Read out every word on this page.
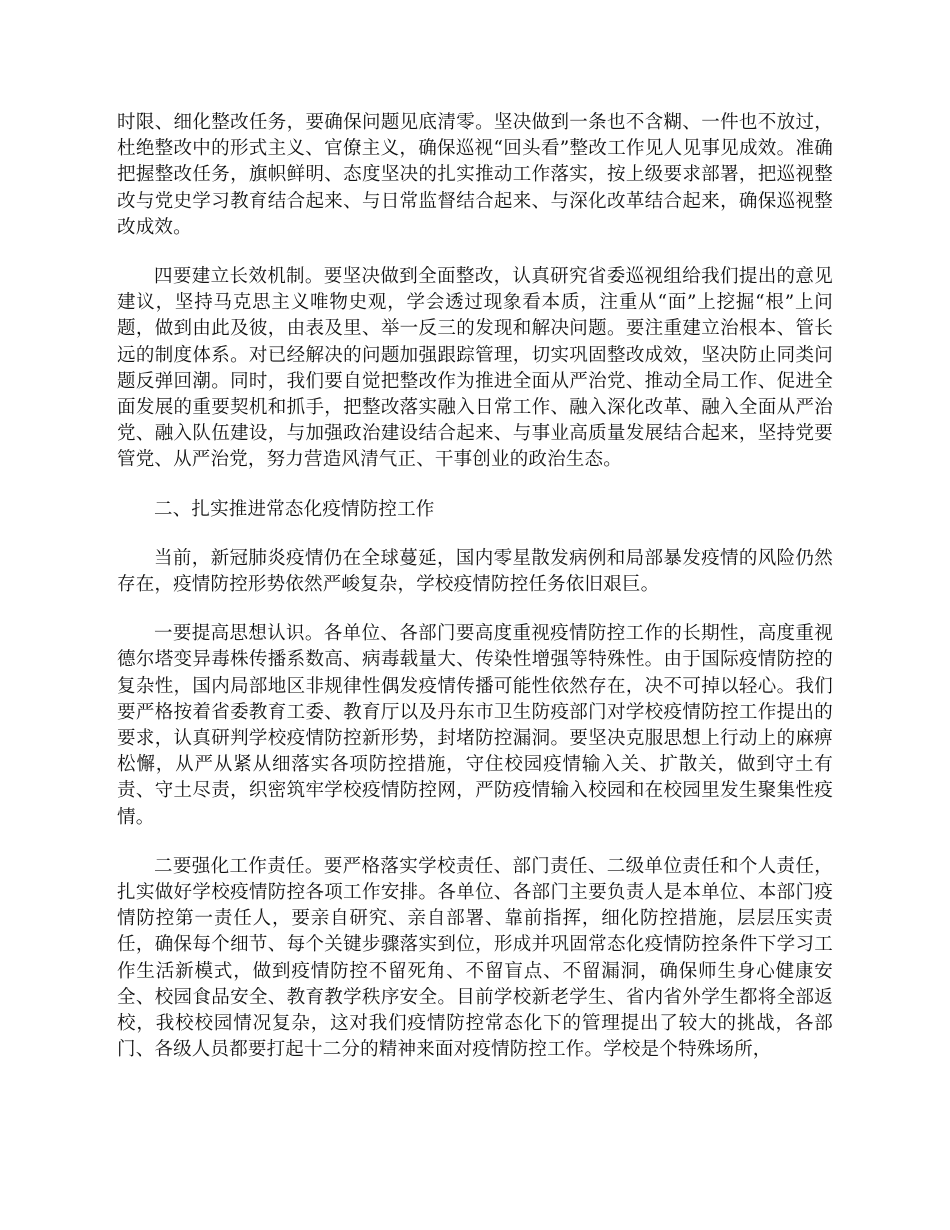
时限、细化整改任务，要确保问题见底清零。坚决做到一条也不含糊、一件也不放过，杜绝整改中的形式主义、官僚主义，确保巡视“回头看”整改工作见人见事见成效。准确把握整改任务，旗帜鲜明、态度坚决的扎实推动工作落实，按上级要求部署，把巡视整改与党史学习教育结合起来、与日常监督结合起来、与深化改革结合起来，确保巡视整改成效。

四要建立长效机制。要坚决做到全面整改，认真研究省委巡视组给我们提出的意见建议，坚持马克思主义唯物史观，学会透过现象看本质，注重从“面”上挖掘“根”上问题，做到由此及彼，由表及里、举一反三的发现和解决问题。要注重建立治根本、管长远的制度体系。对已经解决的问题加强跟踪管理，切实巩固整改成效，坚决防止同类问题反弹回潮。同时，我们要自觉把整改作为推进全面从严治党、推动全局工作、促进全面发展的重要契机和抓手，把整改落实融入日常工作、融入深化改革、融入全面从严治党、融入队伍建设，与加强政治建设结合起来、与事业高质量发展结合起来，坚持党要管党、从严治党，努力营造风清气正、干事创业的政治生态。

二、扎实推进常态化疫情防控工作

当前，新冠肺炎疫情仍在全球蔓延，国内零星散发病例和局部暴发疫情的风险仍然存在，疫情防控形势依然严峻复杂，学校疫情防控任务依旧艰巨。

一要提高思想认识。各单位、各部门要高度重视疫情防控工作的长期性，高度重视德尔塔变异毒株传播系数高、病毒载量大、传染性增强等特殊性。由于国际疫情防控的复杂性，国内局部地区非规律性偶发疫情传播可能性依然存在，决不可掉以轻心。我们要严格按着省委教育工委、教育厅以及丹东市卫生防疫部门对学校疫情防控工作提出的要求，认真研判学校疫情防控新形势，封堵防控漏洞。要坚决克服思想上行动上的麻痹松懈，从严从紧从细落实各项防控措施，守住校园疫情输入关、扩散关，做到守土有责、守土尽责，织密筑牢学校疫情防控网，严防疫情输入校园和在校园里发生聚集性疫情。

二要强化工作责任。要严格落实学校责任、部门责任、二级单位责任和个人责任，扎实做好学校疫情防控各项工作安排。各单位、各部门主要负责人是本单位、本部门疫情防控第一责任人，要亲自研究、亲自部署、靠前指挥，细化防控措施，层层压实责任，确保每个细节、每个关键步骤落实到位，形成并巩固常态化疫情防控条件下学习工作生活新模式，做到疫情防控不留死角、不留盲点、不留漏洞，确保师生身心健康安全、校园食品安全、教育教学秩序安全。目前学校新老学生、省内省外学生都将全部返校，我校校园情况复杂，这对我们疫情防控常态化下的管理提出了较大的挑战，各部门、各级人员都要打起十二分的精神来面对疫情防控工作。学校是个特殊场所，
